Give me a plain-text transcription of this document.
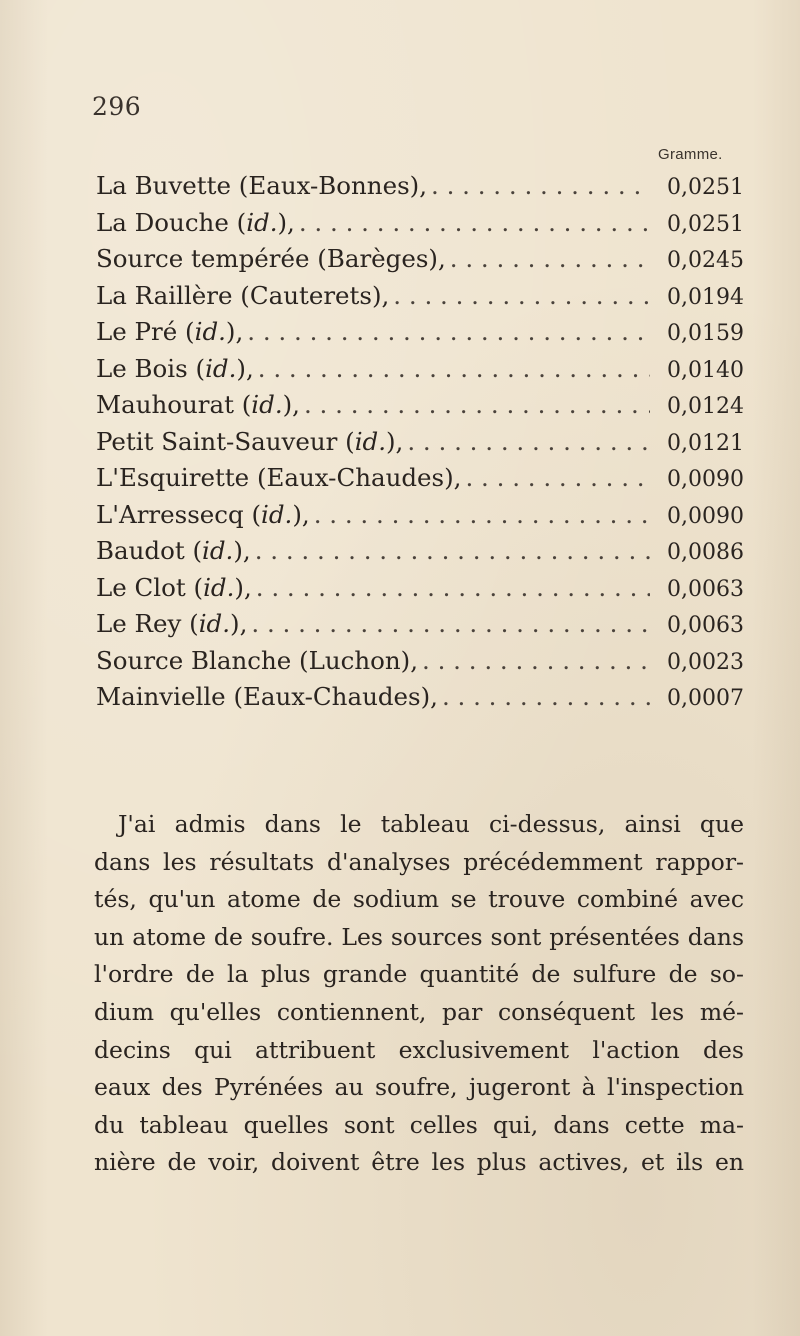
296
Gramme.
La Buvette (Eaux-Bonnes), . . .	0,0251
La Douche (id.), . . .	0,0251
Source tempérée (Barèges), . . .	0,0245
La Raillère (Cauterets), . . .	0,0194
Le Pré (id.), . . .	0,0159
Le Bois (id.), . . .	0,0140
Mauhourat (id.), . . .	0,0124
Petit Saint-Sauveur (id.), . . .	0,0121
L'Esquirette (Eaux-Chaudes), . . .	0,0090
L'Arressecq (id.), . . .	0,0090
Baudot (id.), . . .	0,0086
Le Clot (id.), . . .	0,0063
Le Rey (id.), . . .	0,0063
Source Blanche (Luchon), . . .	0,0023
Mainvielle (Eaux-Chaudes), . . .	0,0007
J'ai admis dans le tableau ci-dessus, ainsi que
dans les résultats d'analyses précédemment rappor-
tés, qu'un atome de sodium se trouve combiné avec
un atome de soufre. Les sources sont présentées dans
l'ordre de la plus grande quantité de sulfure de so-
dium qu'elles contiennent, par conséquent les mé-
decins qui attribuent exclusivement l'action des
eaux des Pyrénées au soufre, jugeront à l'inspection
du tableau quelles sont celles qui, dans cette ma-
nière de voir, doivent être les plus actives, et ils en
